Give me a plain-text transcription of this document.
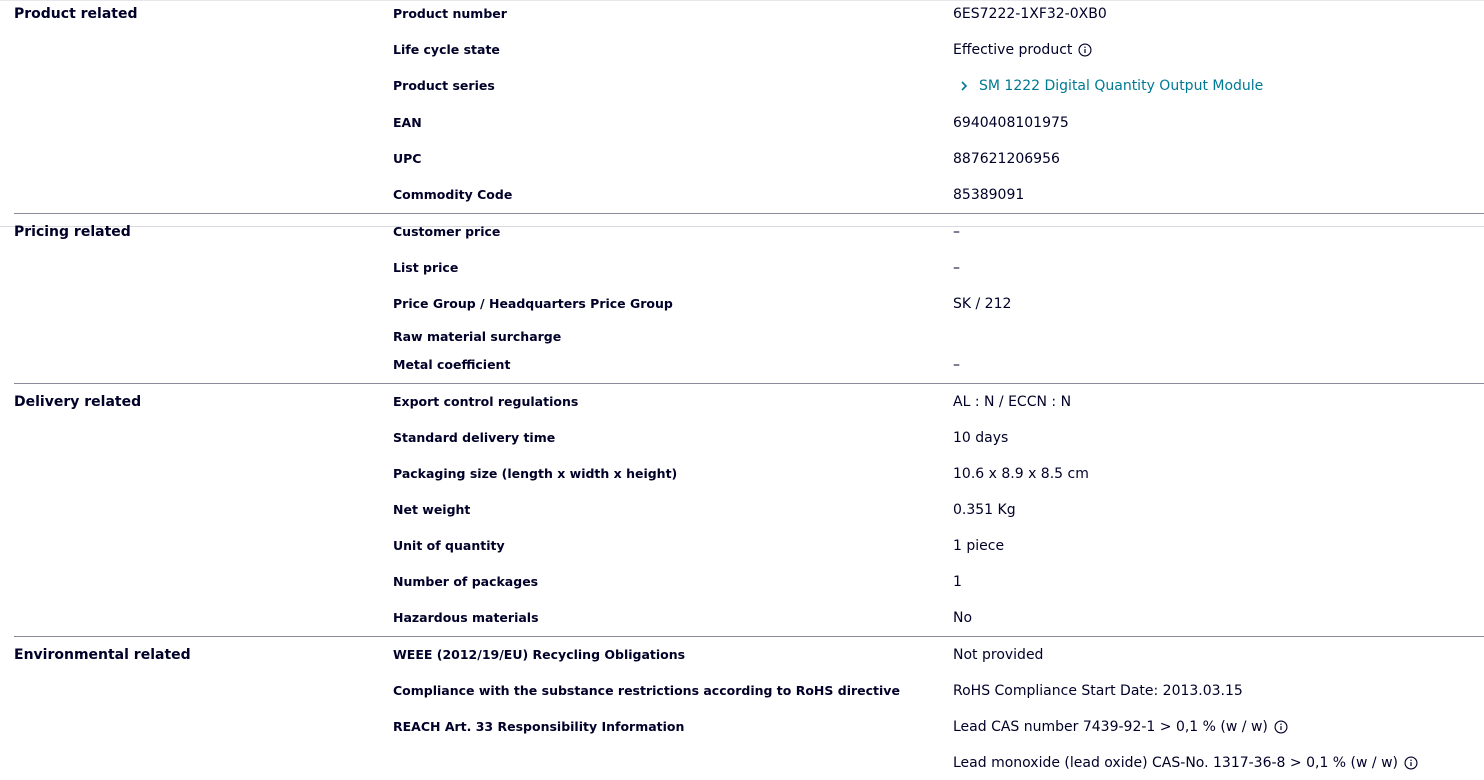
Product related	Product number	6ES7222-1XF32-0XB0
Life cycle state	Effective product
Product series	SM 1222 Digital Quantity Output Module
EAN	6940408101975
UPC	887621206956
Commodity Code	85389091
Pricing related	Customer price	–
List price	–
Price Group / Headquarters Price Group	SK / 212
Raw material surcharge
Metal coefficient	–
Delivery related	Export control regulations	AL : N / ECCN : N
Standard delivery time	10 days
Packaging size (length x width x height)	10.6 x 8.9 x 8.5 cm
Net weight	0.351 Kg
Unit of quantity	1 piece
Number of packages	1
Hazardous materials	No
Environmental related	WEEE (2012/19/EU) Recycling Obligations	Not provided
Compliance with the substance restrictions according to RoHS directive	RoHS Compliance Start Date: 2013.03.15
REACH Art. 33 Responsibility Information	Lead CAS number 7439-92-1 > 0,1 % (w / w)
Lead monoxide (lead oxide) CAS-No. 1317-36-8 > 0,1 % (w / w)
